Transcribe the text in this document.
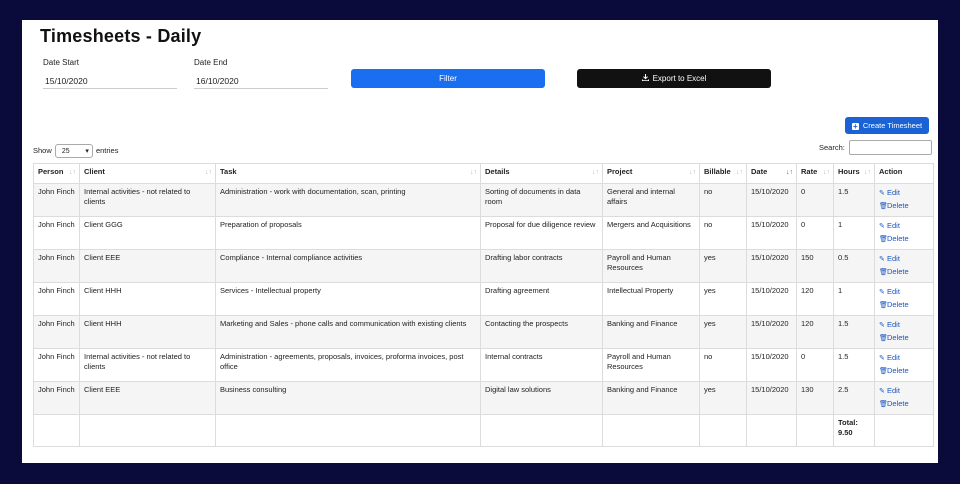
Timesheets - Daily
Date Start
15/10/2020
Date End
16/10/2020	Filter	Export to Excel
+ Create Timesheet
Show 25 ▾ entries	Search:
Person ↓↑	Client ↓↑	Task ↓↑	Details ↓↑	Project ↓↑	Billable ↓↑	Date ↓↑	Rate ↓↑	Hours ↓↑	Action
John Finch	Internal activities - not related to clients	Administration - work with documentation, scan, printing	Sorting of documents in data room	General and internal affairs	no	15/10/2020	0	1.5	✎ Edit
🗑Delete

John Finch	Client GGG	Preparation of proposals	Proposal for due diligence review	Mergers and Acquisitions	no	15/10/2020	0	1	✎ Edit
🗑Delete

John Finch	Client EEE	Compliance - Internal compliance activities	Drafting labor contracts	Payroll and Human Resources	yes	15/10/2020	150	0.5	✎ Edit
🗑Delete

John Finch	Client HHH	Services - Intellectual property	Drafting agreement	Intellectual Property	yes	15/10/2020	120	1	✎ Edit
🗑Delete

John Finch	Client HHH	Marketing and Sales - phone calls and communication with existing clients	Contacting the prospects	Banking and Finance	yes	15/10/2020	120	1.5	✎ Edit
🗑Delete

John Finch	Internal activities - not related to clients	Administration - agreements, proposals, invoices, proforma invoices, post office	Internal contracts	Payroll and Human Resources	no	15/10/2020	0	1.5	✎ Edit
🗑Delete

John Finch	Client EEE	Business consulting	Digital law solutions	Banking and Finance	yes	15/10/2020	130	2.5	✎ Edit
🗑Delete

								Total:
9.50	
